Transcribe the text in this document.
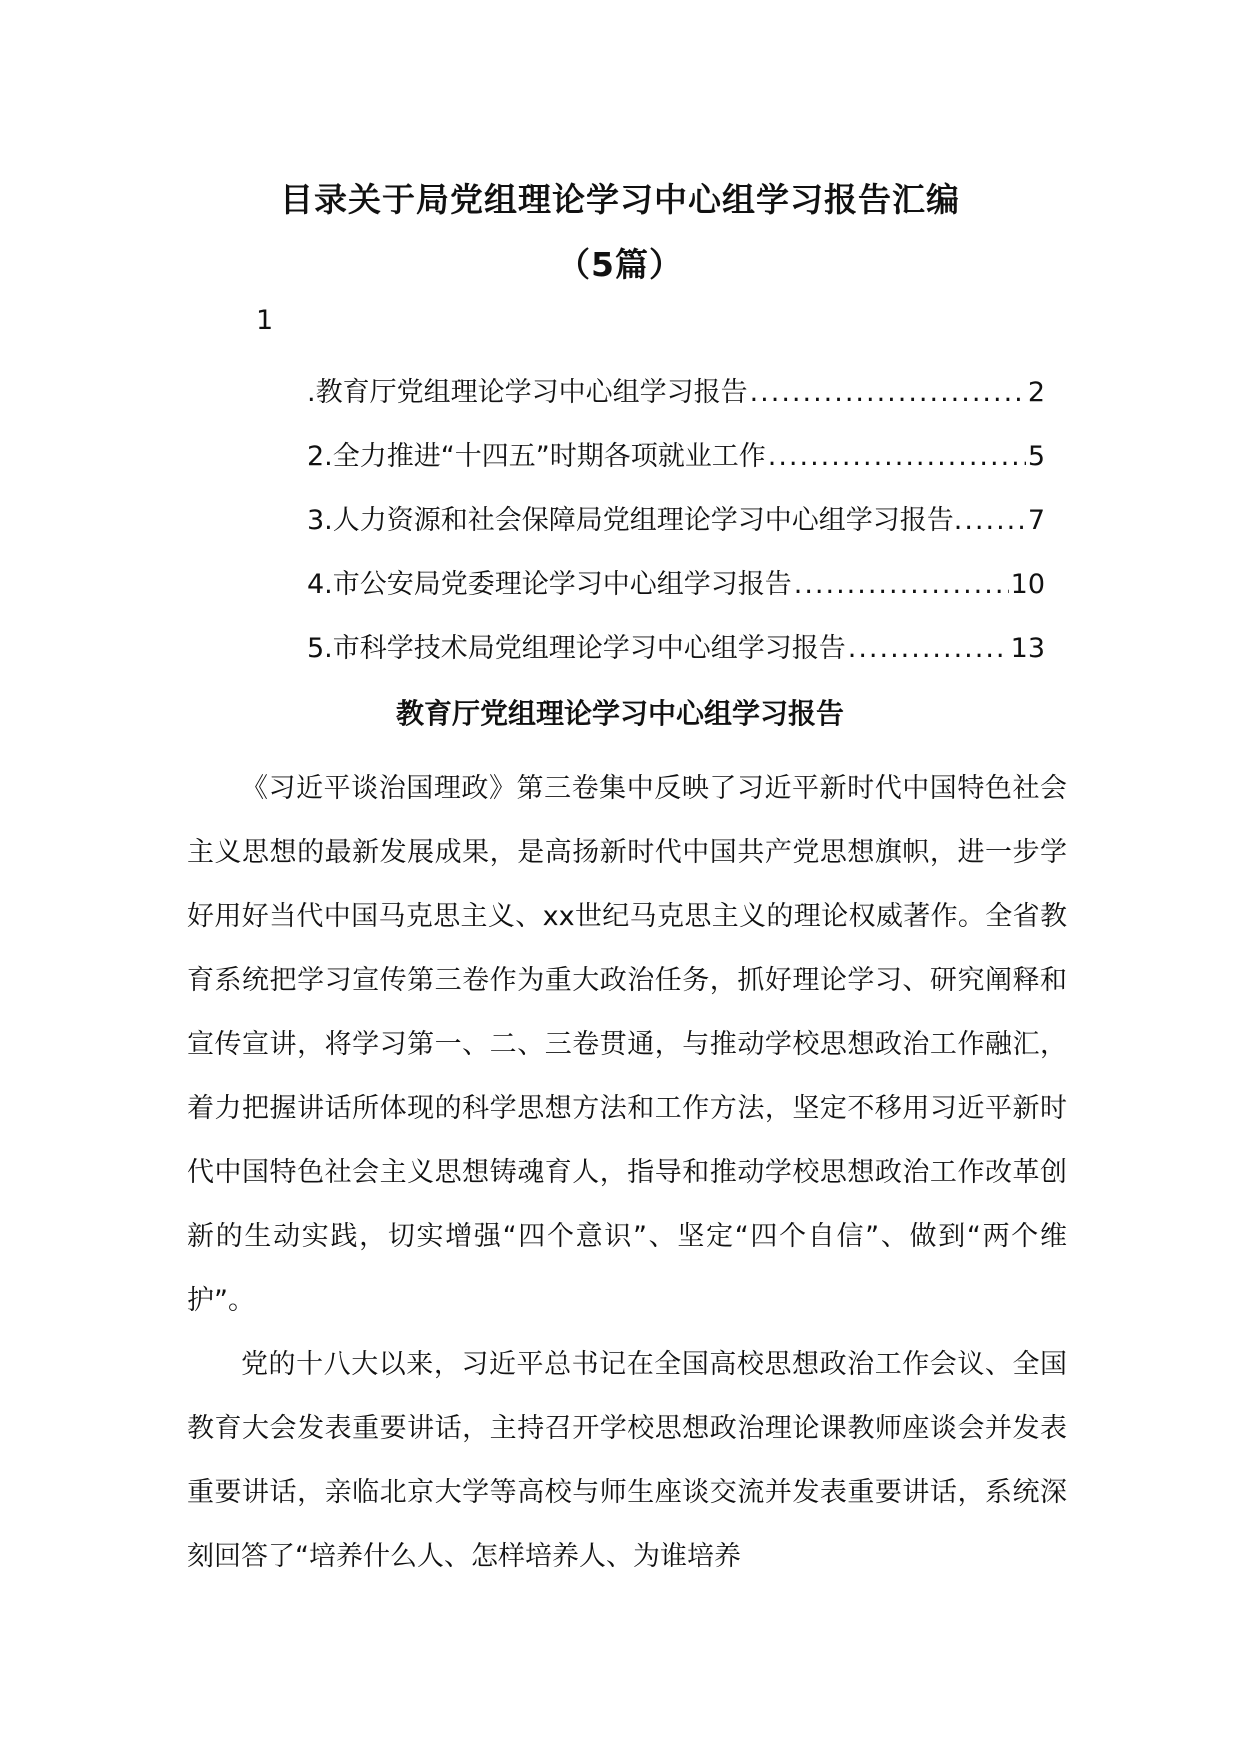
目录关于局党组理论学习中心组学习报告汇编
（5篇）
1
.教育厅党组理论学习中心组学习报告 .....	2
2.全力推进“十四五”时期各项就业工作 .....	5
3.人力资源和社会保障局党组理论学习中心组学习报告. ..... 7
4.市公安局党委理论学习中心组学习报告 .....	10
5.市科学技术局党组理论学习中心组学习报告 .....	13
教育厅党组理论学习中心组学习报告

《习近平谈治国理政》第三卷集中反映了习近平新时代中国特色社会主义思想的最新发展成果，是高扬新时代中国共产党思想旗帜，进一步学好用好当代中国马克思主义、xx世纪马克思主义的理论权威著作。全省教育系统把学习宣传第三卷作为重大政治任务，抓好理论学习、研究阐释和宣传宣讲，将学习第一、二、三卷贯通，与推动学校思想政治工作融汇，着力把握讲话所体现的科学思想方法和工作方法，坚定不移用习近平新时代中国特色社会主义思想铸魂育人，指导和推动学校思想政治工作改革创新的生动实践，切实增强“四个意识”、坚定“四个自信”、做到“两个维护”。

党的十八大以来，习近平总书记在全国高校思想政治工作会议、全国教育大会发表重要讲话，主持召开学校思想政治理论课教师座谈会并发表重要讲话，亲临北京大学等高校与师生座谈交流并发表重要讲话，系统深刻回答了“培养什么人、怎样培养人、为谁培养
